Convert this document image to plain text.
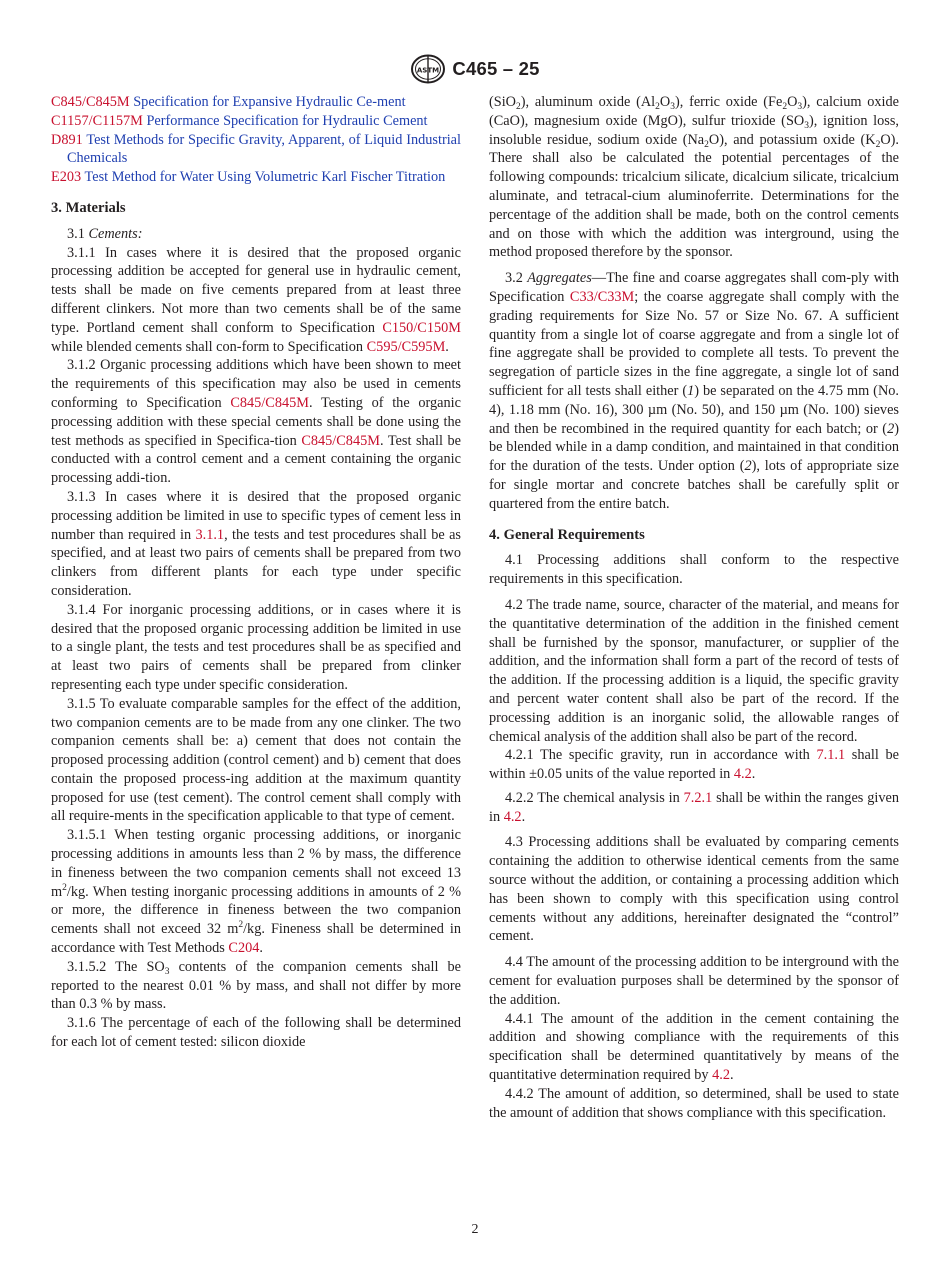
ASTM C465 – 25

C845/C845M Specification for Expansive Hydraulic Ce-ment

C1157/C1157M Performance Specification for Hydraulic Cement

D891 Test Methods for Specific Gravity, Apparent, of Liquid Industrial Chemicals

E203 Test Method for Water Using Volumetric Karl Fischer Titration

3. Materials

3.1 Cements:

3.1.1 In cases where it is desired that the proposed organic processing addition be accepted for general use in hydraulic cement, tests shall be made on five cements prepared from at least three different clinkers. Not more than two cements shall be of the same type. Portland cement shall conform to Specification C150/C150M while blended cements shall con-form to Specification C595/C595M.

3.1.2 Organic processing additions which have been shown to meet the requirements of this specification may also be used in cements conforming to Specification C845/C845M. Testing of the organic processing addition with these special cements shall be done using the test methods as specified in Specifica-tion C845/C845M. Test shall be conducted with a control cement and a cement containing the organic processing addi-tion.

3.1.3 In cases where it is desired that the proposed organic processing addition be limited in use to specific types of cement less in number than required in 3.1.1, the tests and test procedures shall be as specified, and at least two pairs of cements shall be prepared from two clinkers from different plants for each type under specific consideration.

3.1.4 For inorganic processing additions, or in cases where it is desired that the proposed organic processing addition be limited in use to a single plant, the tests and test procedures shall be as specified and at least two pairs of cements shall be prepared from clinker representing each type under specific consideration.

3.1.5 To evaluate comparable samples for the effect of the addition, two companion cements are to be made from any one clinker. The two companion cements shall be: a) cement that does not contain the proposed processing addition (control cement) and b) cement that does contain the proposed process-ing addition at the maximum quantity proposed for use (test cement). The control cement shall comply with all require-ments in the specification applicable to that type of cement.

3.1.5.1 When testing organic processing additions, or inorganic processing additions in amounts less than 2 % by mass, the difference in fineness between the two companion cements shall not exceed 13 $m^2/kg$. When testing inorganic processing additions in amounts of 2 % or more, the difference in fineness between the two companion cements shall not exceed 32 $m^2/kg$. Fineness shall be determined in accordance with Test Methods C204.

3.1.5.2 The $SO_3$ contents of the companion cements shall be reported to the nearest 0.01 % by mass, and shall not differ by more than 0.3 % by mass.

3.1.6 The percentage of each of the following shall be determined for each lot of cement tested: silicon dioxide

(SiO$_2$), aluminum oxide $(Al_2O_3)$, ferric oxide $(Fe_2O_3)$, calcium oxide (CaO), magnesium oxide (MgO), sulfur trioxide $(SO_3)$, ignition loss, insoluble residue, sodium oxide $(Na_2O)$, and potassium oxide $(K_2O)$. There shall also be calculated the potential percentages of the following compounds: tricalcium silicate, dicalcium silicate, tricalcium aluminate, and tetracal-cium aluminoferrite. Determinations for the percentage of the addition shall be made, both on the control cements and on those with which the addition was interground, using the method proposed therefore by the sponsor.

3.2 Aggregates—The fine and coarse aggregates shall com-ply with Specification C33/C33M; the coarse aggregate shall comply with the grading requirements for Size No. 57 or Size No. 67. A sufficient quantity from a single lot of coarse aggregate and from a single lot of fine aggregate shall be provided to complete all tests. To prevent the segregation of particle sizes in the fine aggregate, a single lot of sand sufficient for all tests shall either (1) be separated on the 4.75 mm (No. 4), 1.18 mm (No. 16), 300 µm (No. 50), and 150 µm (No. 100) sieves and then be recombined in the required quantity for each batch; or (2) be blended while in a damp condition, and maintained in that condition for the duration of the tests. Under option (2), lots of appropriate size for single mortar and concrete batches shall be carefully split or quartered from the entire batch.

4. General Requirements

4.1 Processing additions shall conform to the respective requirements in this specification.

4.2 The trade name, source, character of the material, and means for the quantitative determination of the addition in the finished cement shall be furnished by the sponsor, manufacturer, or supplier of the addition, and the information shall form a part of the record of tests of the addition. If the processing addition is a liquid, the specific gravity and percent water content shall also be part of the record. If the processing addition is an inorganic solid, the allowable ranges of chemical analysis of the addition shall also be part of the record.

4.2.1 The specific gravity, run in accordance with 7.1.1 shall be within ±0.05 units of the value reported in 4.2.

4.2.2 The chemical analysis in 7.2.1 shall be within the ranges given in 4.2.

4.3 Processing additions shall be evaluated by comparing cements containing the addition to otherwise identical cements from the same source without the addition, or containing a processing addition which has been shown to comply with this specification using control cements without any additions, hereinafter designated the “control” cement.

4.4 The amount of the processing addition to be interground with the cement for evaluation purposes shall be determined by the sponsor of the addition.

4.4.1 The amount of the addition in the cement containing the addition and showing compliance with the requirements of this specification shall be determined quantitatively by means of the quantitative determination required by 4.2.

4.4.2 The amount of addition, so determined, shall be used to state the amount of addition that shows compliance with this specification.

2
